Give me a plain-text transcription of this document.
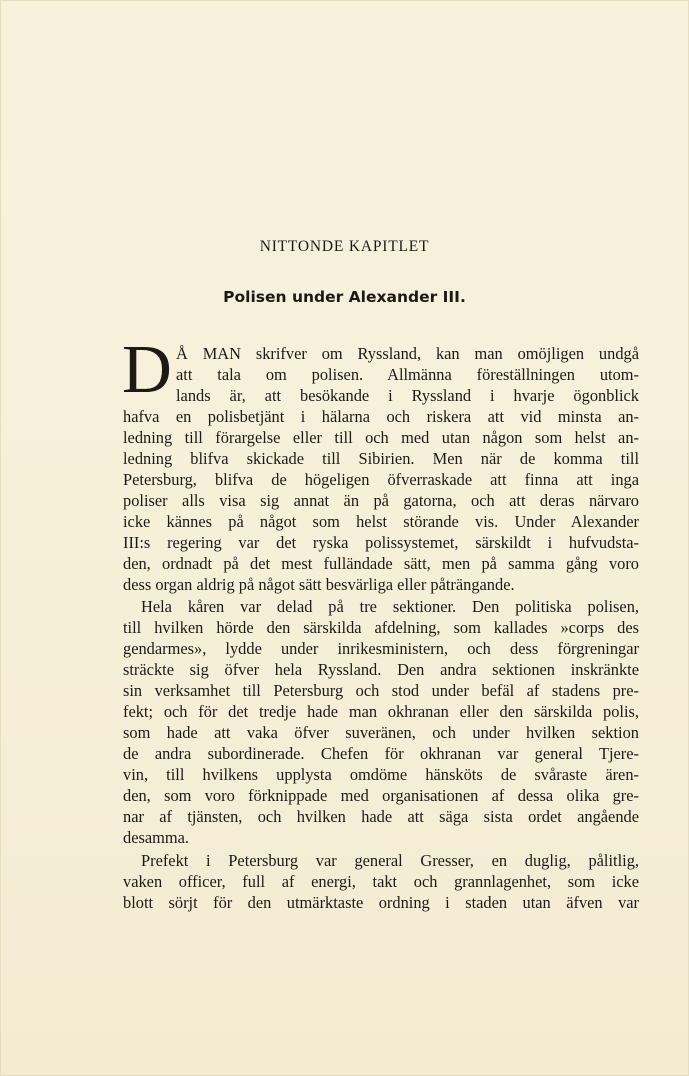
NITTONDE KAPITLET
Polisen under Alexander III.
D Å MAN skrifver om Ryssland, kan man omöjligen undgå
att tala om polisen. Allmänna föreställningen utom-
lands är, att besökande i Ryssland i hvarje ögonblick
hafva en polisbetjänt i hälarna och riskera att vid minsta an-
ledning till förargelse eller till och med utan någon som helst an-
ledning blifva skickade till Sibirien. Men när de komma till
Petersburg, blifva de högeligen öfverraskade att finna att inga
poliser alls visa sig annat än på gatorna, och att deras närvaro
icke kännes på något som helst störande vis. Under Alexander
III:s regering var det ryska polissystemet, särskildt i hufvudsta-
den, ordnadt på det mest fulländade sätt, men på samma gång voro
dess organ aldrig på något sätt besvärliga eller påträngande.
Hela kåren var delad på tre sektioner. Den politiska polisen,
till hvilken hörde den särskilda afdelning, som kallades »corps des
gendarmes», lydde under inrikesministern, och dess förgreningar
sträckte sig öfver hela Ryssland. Den andra sektionen inskränkte
sin verksamhet till Petersburg och stod under befäl af stadens pre-
fekt; och för det tredje hade man okhranan eller den särskilda polis,
som hade att vaka öfver suveränen, och under hvilken sektion
de andra subordinerade. Chefen för okhranan var general Tjere-
vin, till hvilkens upplysta omdöme hänsköts de svåraste ären-
den, som voro förknippade med organisationen af dessa olika gre-
nar af tjänsten, och hvilken hade att säga sista ordet angående
desamma.
Prefekt i Petersburg var general Gresser, en duglig, pålitlig,
vaken officer, full af energi, takt och grannlagenhet, som icke
blott sörjt för den utmärktaste ordning i staden utan äfven var
